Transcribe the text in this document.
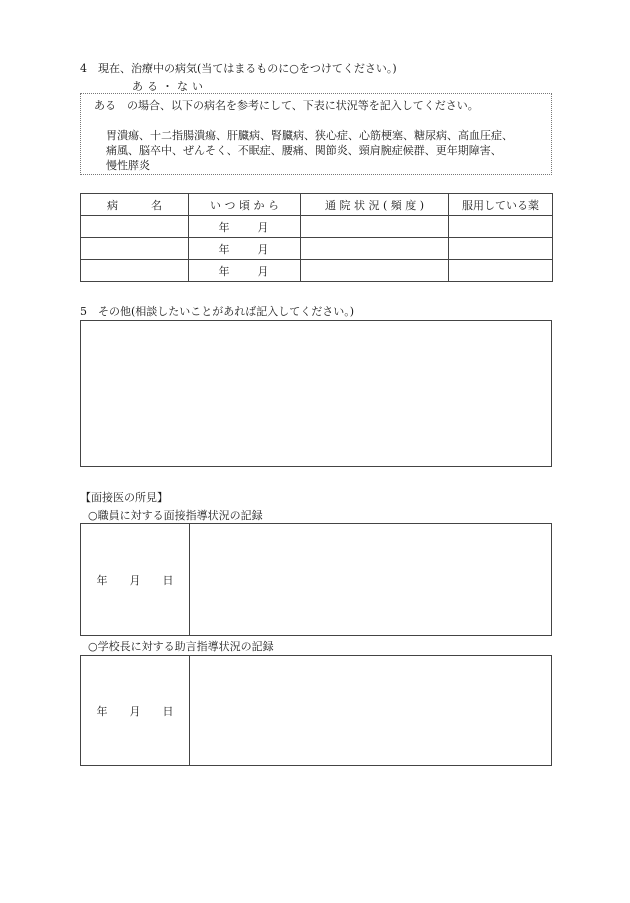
4　現在、治療中の病気(当てはまるものに○をつけてください。)
ある・ない
ある　の場合、以下の病名を参考にして、下表に状況等を記入してください。
胃潰瘍、十二指腸潰瘍、肝臓病、腎臓病、狭心症、心筋梗塞、糖尿病、高血圧症、
痛風、脳卒中、ぜんそく、不眠症、腰痛、関節炎、頸肩腕症候群、更年期障害、
慢性膵炎
病　　　名	い つ 頃 か ら	通 院 状 況 ( 頻 度 )	服用している薬
	年　　月		
	年　　月		
	年　　月		
5　その他(相談したいことがあれば記入してください。)
【面接医の所見】
○職員に対する面接指導状況の記録
年　　月　　日
○学校長に対する助言指導状況の記録
年　　月　　日
